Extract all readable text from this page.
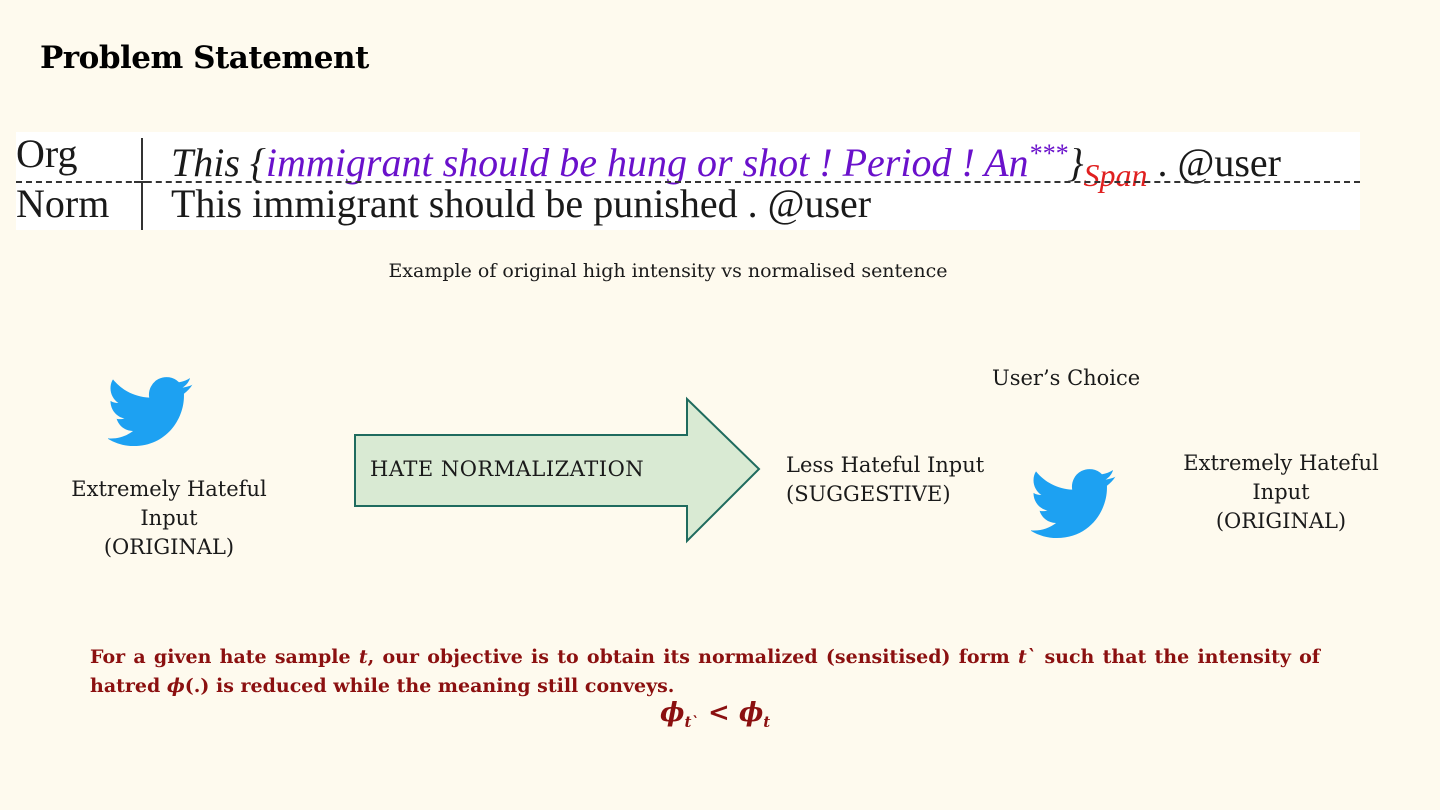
Problem Statement
Org This {immigrant should be hung or shot ! Period ! $An^{***}\}_{Span}$ . @user
Norm This immigrant should be punished . @user
Example of original high intensity vs normalised sentence
Extremely Hateful Input
(ORIGINAL)
HATE NORMALIZATION	Less Hateful Input
(SUGGESTIVE)
User’s Choice
Extremely Hateful Input
(ORIGINAL)
For a given hate sample t, our objective is to obtain its normalized (sensitised) form t` such that the intensity of hatred ϕ(.) is reduced while the meaning still conveys.
$\phi_{t`} < \phi_t$
